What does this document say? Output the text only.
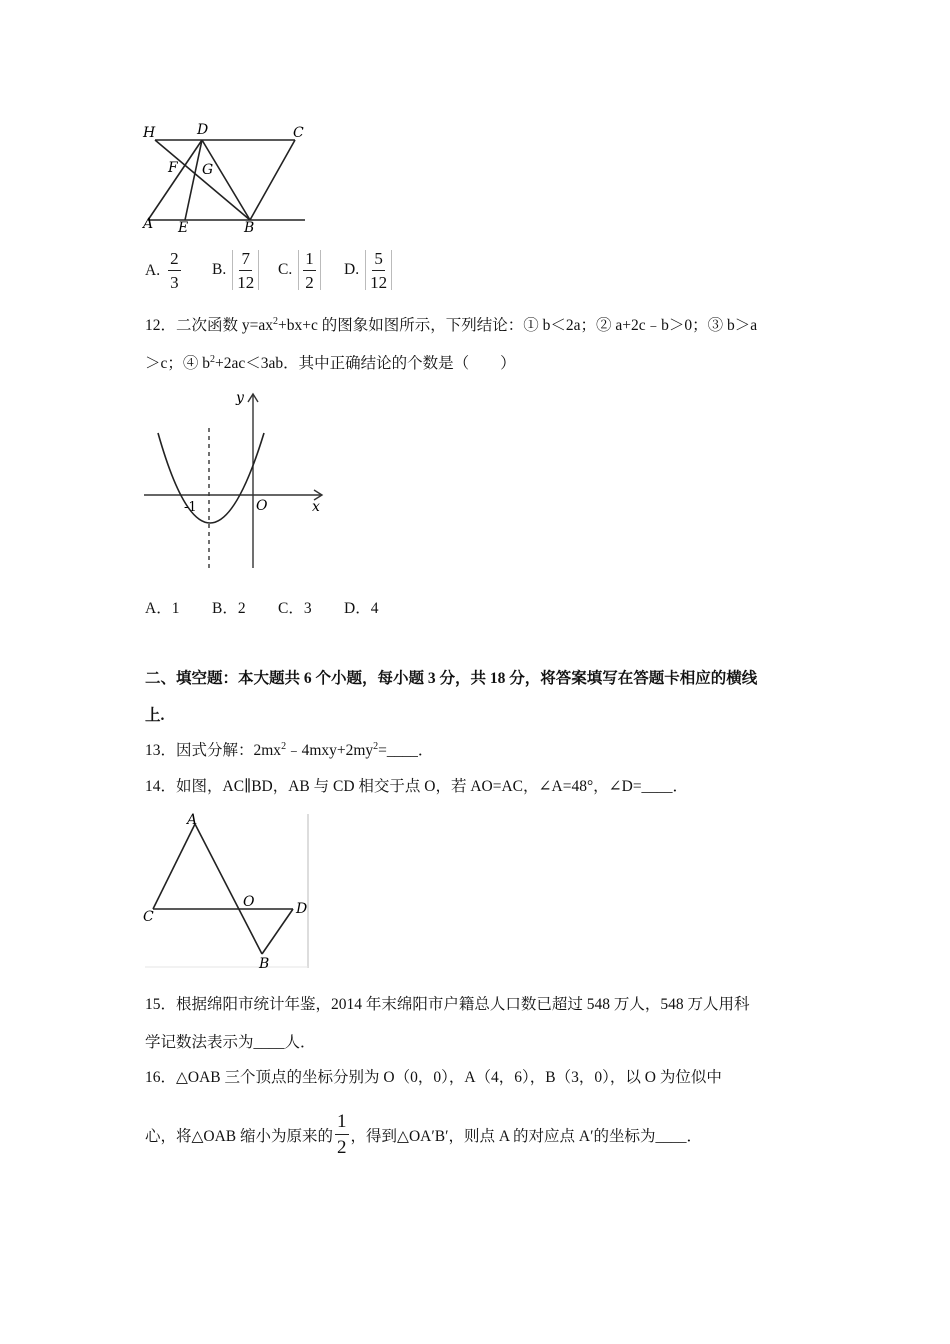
H	D	C
F G
A E	B
A. $\frac{2}{3} B$. $\frac{7}{12} C$. $\frac{1}{2} D$. $\frac{5}{12}$
12．二次函数 $y=ax^2+bx+c$ 的图象如图所示，下列结论：① b＜2a；② a+2c﹣b＞0；③ b＞a
＞c；④ $b^2+2ac<3ab$．其中正确结论的个数是（　　）
y
x
O
-1
A．1 B．2 C．3 D．4
二、填空题：本大题共 6 个小题，每小题 3 分，共 18 分，将答案填写在答题卡相应的横线
上.
13．因式分解：$2mx^2﹣4mxy+2my^2=\_\_\_\_$．
14．如图，AC∥BD，AB 与 CD 相交于点 O，若 AO=AC，∠A=48°，∠D=____．
A
C
O	D
B
15．根据绵阳市统计年鉴，2014 年末绵阳市户籍总人口数已超过 548 万人，548 万人用科
学记数法表示为____人．
16．△OAB 三个顶点的坐标分别为 O（0，0），A（4，6），B（3，0），以 O 为位似中
心，将△OAB 缩小为原来的 $\frac{1}{2}$ ，得到△OA′B′，则点 A 的对应点 A′的坐标为____．
